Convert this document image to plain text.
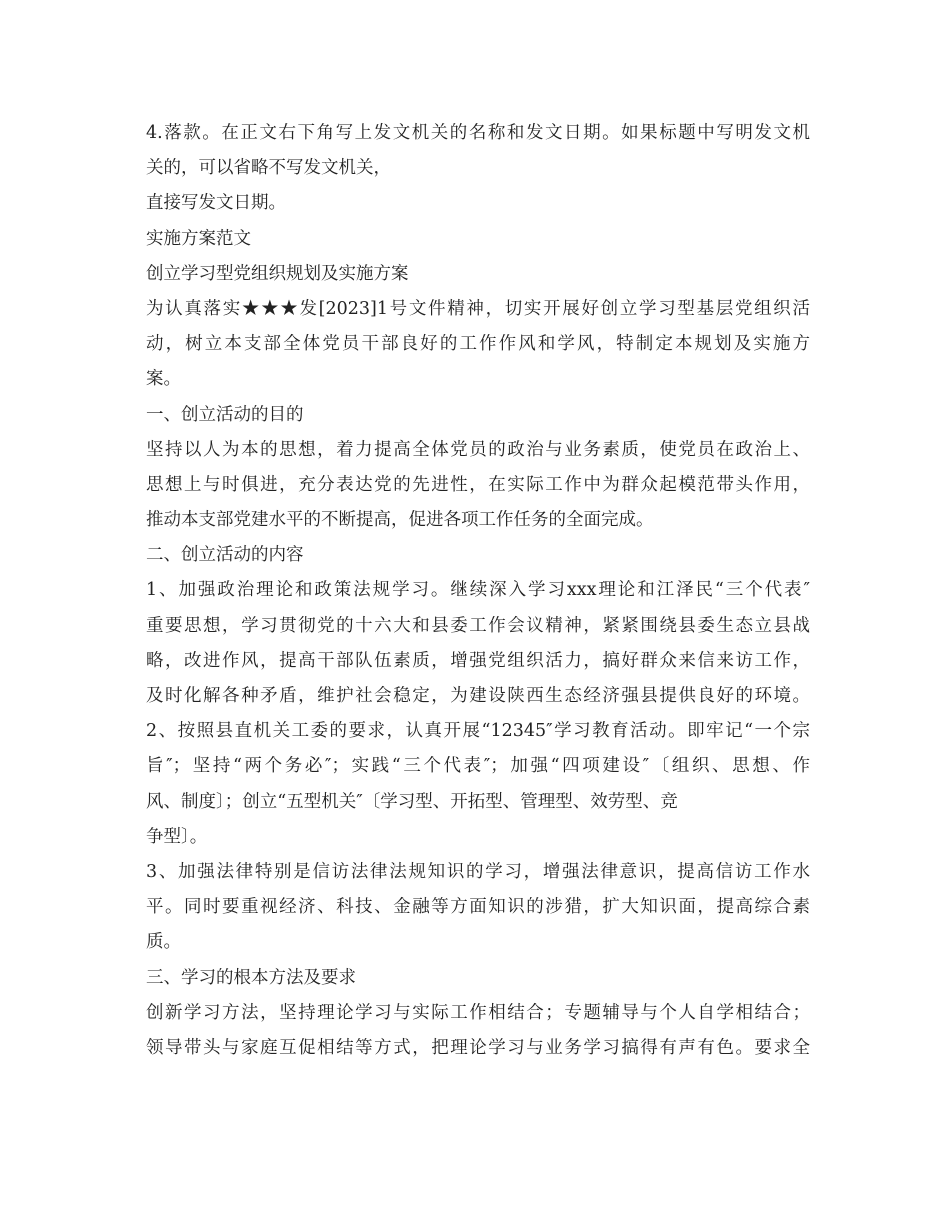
4.落款。在正文右下角写上发文机关的名称和发文日期。如果标题中写明发文机
关的，可以省略不写发文机关，
直接写发文日期。
实施方案范文
创立学习型党组织规划及实施方案
为认真落实★★★发[2023]1号文件精神，切实开展好创立学习型基层党组织活
动，树立本支部全体党员干部良好的工作作风和学风，特制定本规划及实施方
案。
一、创立活动的目的
坚持以人为本的思想，着力提高全体党员的政治与业务素质，使党员在政治上、
思想上与时俱进，充分表达党的先进性，在实际工作中为群众起模范带头作用，
推动本支部党建水平的不断提高，促进各项工作任务的全面完成。
二、创立活动的内容
1、加强政治理论和政策法规学习。继续深入学习xxx理论和江泽民“三个代表″
重要思想，学习贯彻党的十六大和县委工作会议精神，紧紧围绕县委生态立县战
略，改进作风，提高干部队伍素质，增强党组织活力，搞好群众来信来访工作，
及时化解各种矛盾，维护社会稳定，为建设陕西生态经济强县提供良好的环境。
2、按照县直机关工委的要求，认真开展“12345″学习教育活动。即牢记“一个宗
旨″；坚持“两个务必″；实践“三个代表″；加强“四项建设″〔组织、思想、作
风、制度〕；创立“五型机关″〔学习型、开拓型、管理型、效劳型、竞
争型〕。
3、加强法律特别是信访法律法规知识的学习，增强法律意识，提高信访工作水
平。同时要重视经济、科技、金融等方面知识的涉猎，扩大知识面，提高综合素
质。
三、学习的根本方法及要求
创新学习方法，坚持理论学习与实际工作相结合；专题辅导与个人自学相结合；
领导带头与家庭互促相结等方式，把理论学习与业务学习搞得有声有色。要求全
